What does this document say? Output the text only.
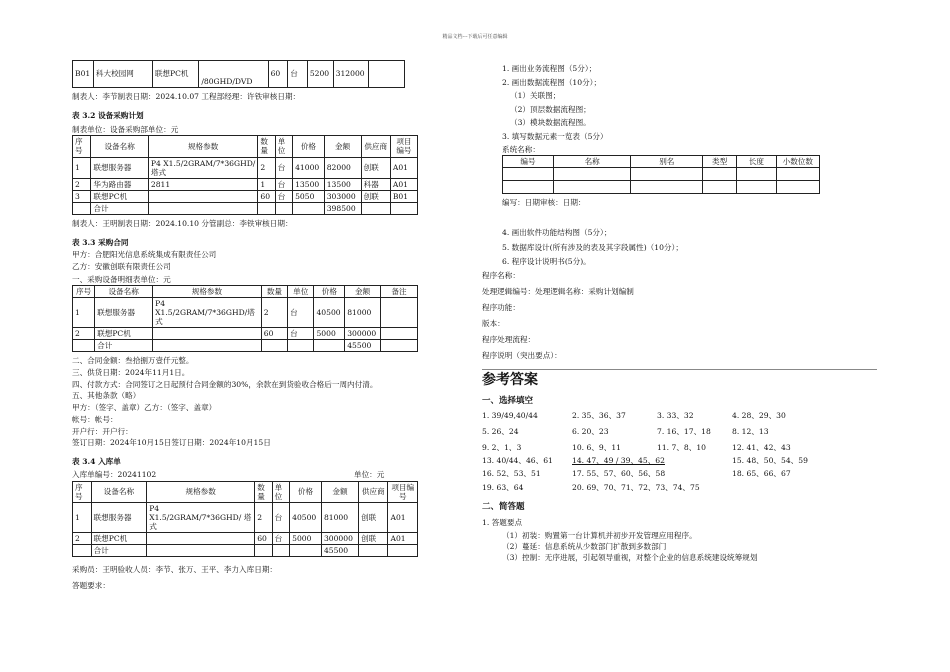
精品文档---下载后可任意编辑
B01	科大校园网	联想PC机	/80GHD/DVD	60	台	5200	312000	

制表人：李节制表日期：2024.10.07 工程部经理：许铁审核日期：

表 3.2 设备采购计划

制表单位：设备采购部单位：元

序号	设备名称	规格参数	数量	单位	价格	金额	供应商	项目编号
1	联想服务器	P4 X1.5/2GRAM/7*36GHD/塔式	2	台	41000	82000	创联	A01
2	华为路由器	2811	1	台	13500	13500	科器	A01
3	联想PC机		60	台	5050	303000	创联	B01
	合计					398500		

制表人：王明制表日期：2024.10.10 分管副总：李铁审核日期：

表 3.3 采购合同

甲方：合肥阳光信息系统集成有限责任公司

乙方：安徽创联有限责任公司

一、采购设备明细表单位：元

序号	设备名称	规格参数	数量	单位	价格	金额	备注
1	联想服务器	P4 X1.5/2GRAM/7*36GHD/塔式	2	台	40500	81000	
2	联想PC机		60	台	5000	300000	
	合计					45500	

二、合同金额：叁拾捌万壹仟元整。

三、供货日期：2024年11月1日。

四、付款方式：合同签订之日起预付合同金额的30%，余款在到货验收合格后一周内付清。

五、其他条款（略）

甲方：（签字、盖章）乙方：（签字、盖章）

帐号：帐号：

开户行：开户行：

签订日期：2024年10月15日签订日期：2024年10月15日

表 3.4 入库单

入库单编号：20241102	单位：元
序号	设备名称	规格参数	数量	单位	价格	金额	供应商	项目编号
1	联想服务器	P4 X1.5/2GRAM/7*36GHD/ 塔式	2	台	40500	81000	创联	A01
2	联想PC机		60	台	5000	300000	创联	A01
	合计					45500		

采购员：王明验收人员：李节、张万、王平、李力入库日期：

答题要求：

1. 画出业务流程图（5分）；

2. 画出数据流程图（10分）；

（1）关联图；

（2）顶层数据流程图；

（3）模块数据流程图。

3. 填写数据元素一览表（5分）

系统名称：

编号	名称	别名	类型	长度	小数位数

编写：日期审核：日期：

4. 画出软件功能结构图（5分）；

5. 数据库设计(所有涉及的表及其字段属性)（10分）；

6. 程序设计说明书(5分)。

程序名称：

处理逻辑编号：处理逻辑名称：采购计划编制

程序功能：

版本：

程序处理流程：

程序说明（突出要点）：

参考答案

一、选择填空

1. 39/49,40/44	2. 35、36、37	3. 33、32	4. 28、29、30
5. 26、24	6. 20、23	7. 16、17、18	8. 12、13
9. 2、1、3	10. 6、9、11	11. 7、8、10	12. 41、42、43
13. 40/44、46、61	14. 47、49 / 39、45、62	15. 48、50、54、59
16. 52、53、51	17. 55、57、60、56、58	18. 65、66、67
19. 63、64	20. 69、70、71、72、73、74、75

二、简答题

1. 答题要点

（1）初装：购置第一台计算机并初步开发管理应用程序。

（2）蔓延：信息系统从少数部门扩散到多数部门

（3）控制：无序进展，引起领导重视，对整个企业的信息系统建设统筹规划
